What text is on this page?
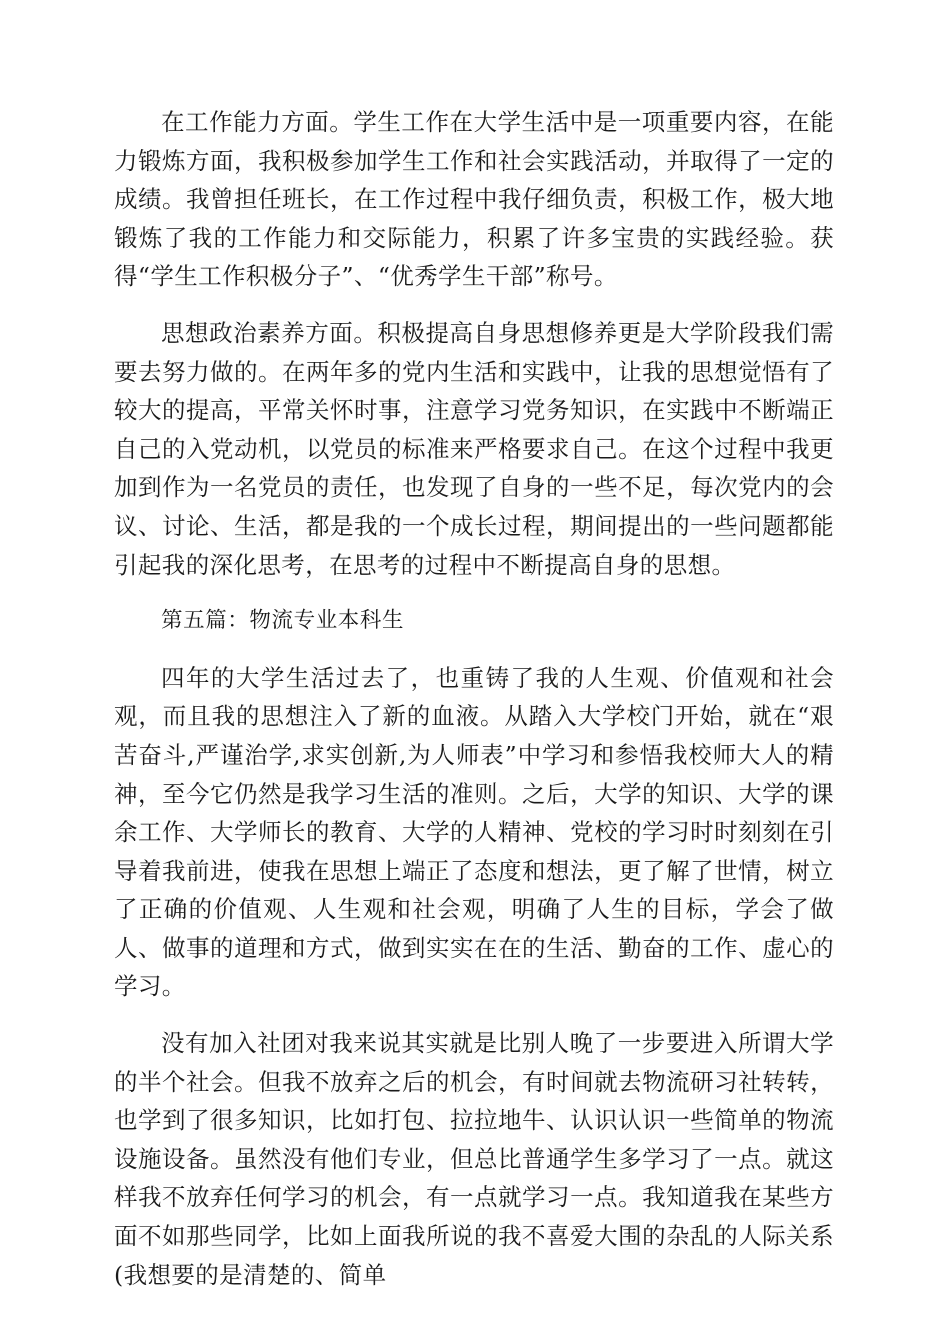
在工作能力方面。学生工作在大学生活中是一项重要内容，在能力锻炼方面，我积极参加学生工作和社会实践活动，并取得了一定的成绩。我曾担任班长，在工作过程中我仔细负责，积极工作，极大地锻炼了我的工作能力和交际能力，积累了许多宝贵的实践经验。获得“学生工作积极分子”、“优秀学生干部”称号。

思想政治素养方面。积极提高自身思想修养更是大学阶段我们需要去努力做的。在两年多的党内生活和实践中，让我的思想觉悟有了较大的提高，平常关怀时事，注意学习党务知识，在实践中不断端正自己的入党动机，以党员的标准来严格要求自己。在这个过程中我更加到作为一名党员的责任，也发现了自身的一些不足，每次党内的会议、讨论、生活，都是我的一个成长过程，期间提出的一些问题都能引起我的深化思考，在思考的过程中不断提高自身的思想。

第五篇：物流专业本科生

四年的大学生活过去了，也重铸了我的人生观、价值观和社会观，而且我的思想注入了新的血液。从踏入大学校门开始，就在“艰苦奋斗,严谨治学,求实创新,为人师表”中学习和参悟我校师大人的精神，至今它仍然是我学习生活的准则。之后，大学的知识、大学的课余工作、大学师长的教育、大学的人精神、党校的学习时时刻刻在引导着我前进，使我在思想上端正了态度和想法，更了解了世情，树立了正确的价值观、人生观和社会观，明确了人生的目标，学会了做人、做事的道理和方式，做到实实在在的生活、勤奋的工作、虚心的学习。

没有加入社团对我来说其实就是比别人晚了一步要进入所谓大学的半个社会。但我不放弃之后的机会，有时间就去物流研习社转转，也学到了很多知识，比如打包、拉拉地牛、认识认识一些简单的物流设施设备。虽然没有他们专业，但总比普通学生多学习了一点。就这样我不放弃任何学习的机会，有一点就学习一点。我知道我在某些方面不如那些同学，比如上面我所说的我不喜爱大围的杂乱的人际关系(我想要的是清楚的、简单
